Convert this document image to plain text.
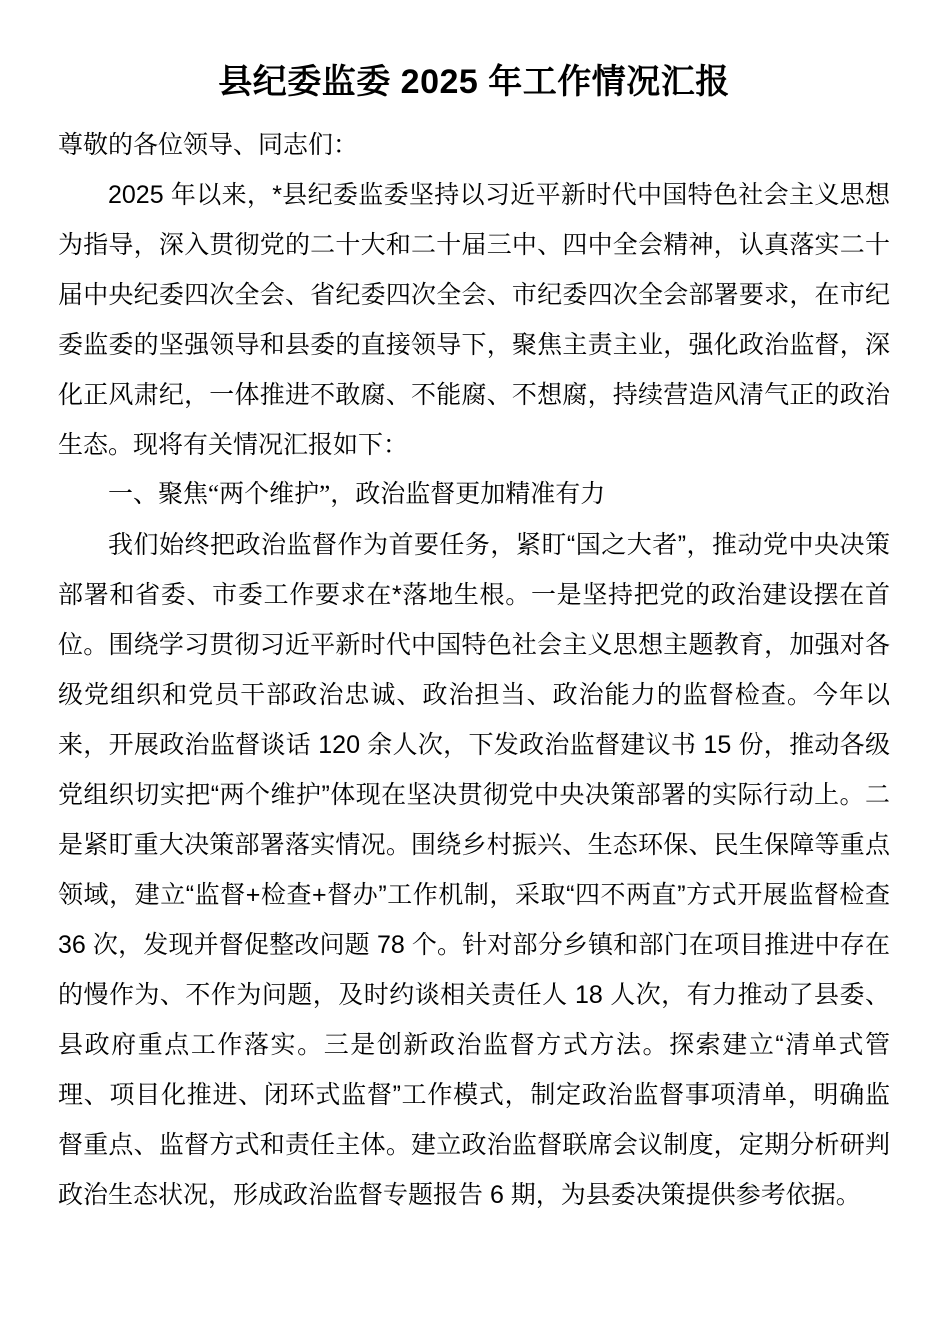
县纪委监委 2025 年工作情况汇报

尊敬的各位领导、同志们：

2025 年以来，*县纪委监委坚持以习近平新时代中国特色社会主义思想为指导，深入贯彻党的二十大和二十届三中、四中全会精神，认真落实二十届中央纪委四次全会、省纪委四次全会、市纪委四次全会部署要求，在市纪委监委的坚强领导和县委的直接领导下，聚焦主责主业，强化政治监督，深化正风肃纪，一体推进不敢腐、不能腐、不想腐，持续营造风清气正的政治生态。现将有关情况汇报如下：

一、聚焦“两个维护”，政治监督更加精准有力

我们始终把政治监督作为首要任务，紧盯“国之大者”，推动党中央决策部署和省委、市委工作要求在*落地生根。一是坚持把党的政治建设摆在首位。围绕学习贯彻习近平新时代中国特色社会主义思想主题教育，加强对各级党组织和党员干部政治忠诚、政治担当、政治能力的监督检查。今年以来，开展政治监督谈话 120 余人次，下发政治监督建议书 15 份，推动各级党组织切实把“两个维护”体现在坚决贯彻党中央决策部署的实际行动上。二是紧盯重大决策部署落实情况。围绕乡村振兴、生态环保、民生保障等重点领域，建立“监督+检查+督办”工作机制，采取“四不两直”方式开展监督检查 36 次，发现并督促整改问题 78 个。针对部分乡镇和部门在项目推进中存在的慢作为、不作为问题，及时约谈相关责任人 18 人次，有力推动了县委、县政府重点工作落实。三是创新政治监督方式方法。探索建立“清单式管理、项目化推进、闭环式监督”工作模式，制定政治监督事项清单，明确监督重点、监督方式和责任主体。建立政治监督联席会议制度，定期分析研判政治生态状况，形成政治监督专题报告 6 期，为县委决策提供参考依据。
